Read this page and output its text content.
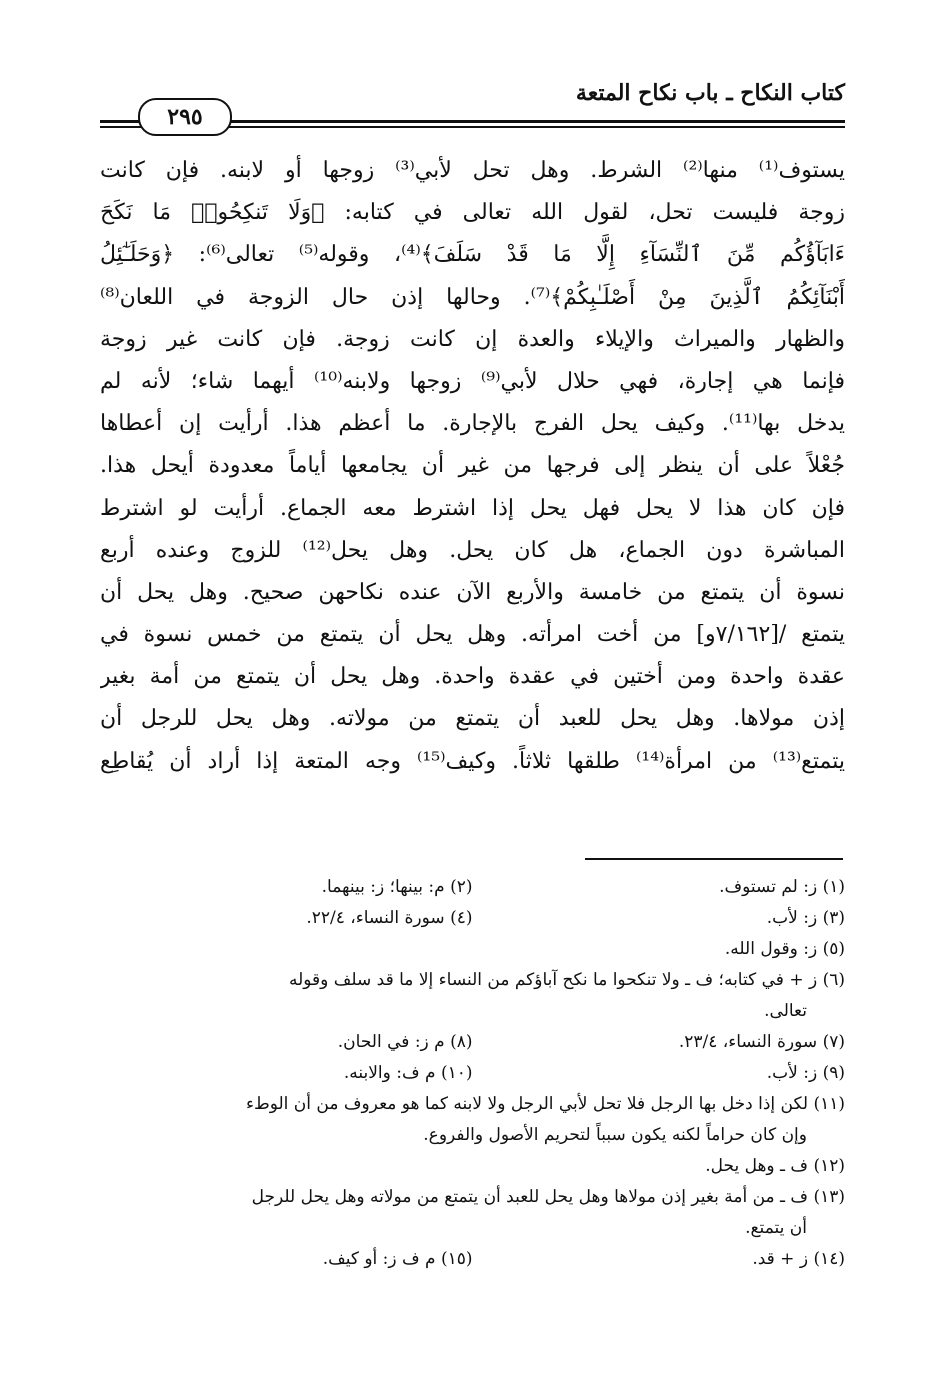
كتاب النكاح ـ باب نكاح المتعة
٢٩٥
يستوف⁽¹⁾ منها⁽²⁾ الشرط. وهل تحل لأبي⁽³⁾ زوجها أو لابنه. فإن كانت
زوجة فليست تحل، لقول الله تعالى في كتابه: ﴿وَلَا تَنكِحُوا۟ مَا نَكَحَ
ءَابَآؤُكُم مِّنَ ٱلنِّسَآءِ إِلَّا مَا قَدْ سَلَفَ﴾⁽⁴⁾، وقوله⁽⁵⁾ تعالى⁽⁶⁾: ﴿وَحَلَـٰٓئِلُ
أَبْنَآئِكُمُ ٱلَّذِينَ مِنْ أَصْلَـٰبِكُمْ﴾⁽⁷⁾. وحالها إذن حال الزوجة في اللعان⁽⁸⁾
والظهار والميراث والإيلاء والعدة إن كانت زوجة. فإن كانت غير زوجة
فإنما هي إجارة، فهي حلال لأبي⁽⁹⁾ زوجها ولابنه⁽¹⁰⁾ أيهما شاء؛ لأنه لم
يدخل بها⁽¹¹⁾. وكيف يحل الفرج بالإجارة. ما أعظم هذا. أرأيت إن أعطاها
جُعْلاً على أن ينظر إلى فرجها من غير أن يجامعها أياماً معدودة أيحل هذا.
فإن كان هذا لا يحل فهل يحل إذا اشترط معه الجماع. أرأيت لو اشترط
المباشرة دون الجماع، هل كان يحل. وهل يحل⁽¹²⁾ للزوج وعنده أربع
نسوة أن يتمتع من خامسة والأربع الآن عنده نكاحهن صحيح. وهل يحل أن
يتمتع /[٧/١٦٢و] من أخت امرأته. وهل يحل أن يتمتع من خمس نسوة في
عقدة واحدة ومن أختين في عقدة واحدة. وهل يحل أن يتمتع من أمة بغير
إذن مولاها. وهل يحل للعبد أن يتمتع من مولاته. وهل يحل للرجل أن
يتمتع⁽¹³⁾ من امرأة⁽¹⁴⁾ طلقها ثلاثاً. وكيف⁽¹⁵⁾ وجه المتعة إذا أراد أن يُقاطِع
(١) ز: لم تستوف.
(٢) م: بينها؛ ز: بينهما.
(٣) ز: لأب.
(٤) سورة النساء، ٢٢/٤.
(٥) ز: وقول الله.
(٦) ز + في كتابه؛ ف ـ ولا تنكحوا ما نكح آباؤكم من النساء إلا ما قد سلف وقوله
تعالى.
(٧) سورة النساء، ٢٣/٤.
(٨) م ز: في الحان.
(٩) ز: لأب.
(١٠) م ف: والابنه.
(١١) لكن إذا دخل بها الرجل فلا تحل لأبي الرجل ولا لابنه كما هو معروف من أن الوطء
وإن كان حراماً لكنه يكون سبباً لتحريم الأصول والفروع.
(١٢) ف ـ وهل يحل.
(١٣) ف ـ من أمة بغير إذن مولاها وهل يحل للعبد أن يتمتع من مولاته وهل يحل للرجل
أن يتمتع.
(١٤) ز + قد.
(١٥) م ف ز: أو كيف.
